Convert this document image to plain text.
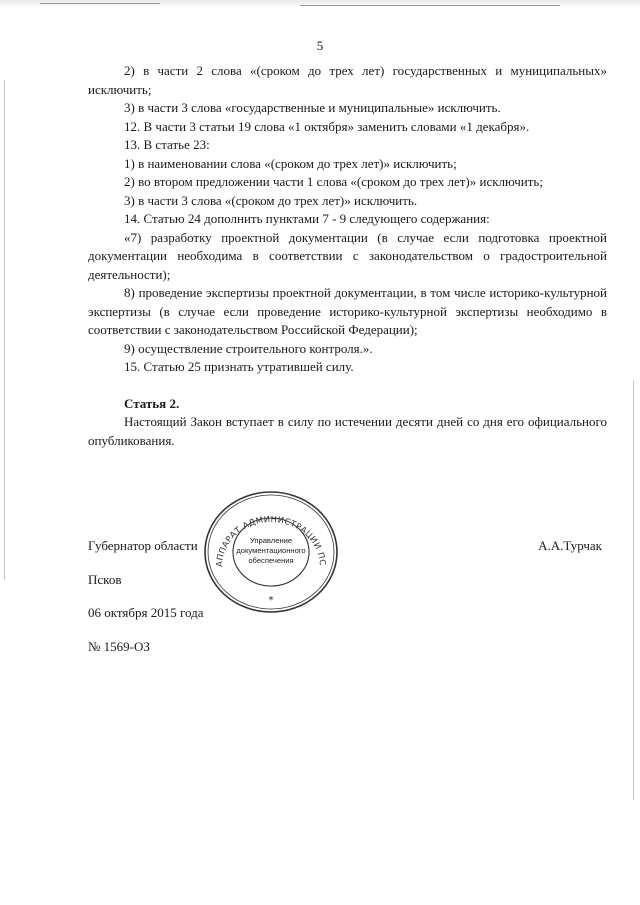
5

2) в части 2 слова «(сроком до трех лет) государственных и муниципальных» исключить;

3) в части 3 слова «государственные и муниципальные» исключить.

12. В части 3 статьи 19 слова «1 октября» заменить словами «1 декабря».

13. В статье 23:

1) в наименовании слова «(сроком до трех лет)» исключить;

2) во втором предложении части 1 слова «(сроком до трех лет)» исключить;

3) в части 3 слова «(сроком до трех лет)» исключить.

14. Статью 24 дополнить пунктами 7 - 9 следующего содержания:

«7) разработку проектной документации (в случае если подготовка проектной документации необходима в соответствии с законодательством о градостроительной деятельности);

8) проведение экспертизы проектной документации, в том числе историко-культурной экспертизы (в случае если проведение историко-культурной экспертизы необходимо в соответствии с законодательством Российской Федерации);

9) осуществление строительного контроля.».

15. Статью 25 признать утратившей силу.

Статья 2.

Настоящий Закон вступает в силу по истечении десяти дней со дня его официального опубликования.

Губернатор области	А.А.Турчак
Псков
06 октября 2015 года
№ 1569-ОЗ
АППАРАТ АДМИНИСТРАЦИИ ПС
Управление
документационного
обеспечения
*
